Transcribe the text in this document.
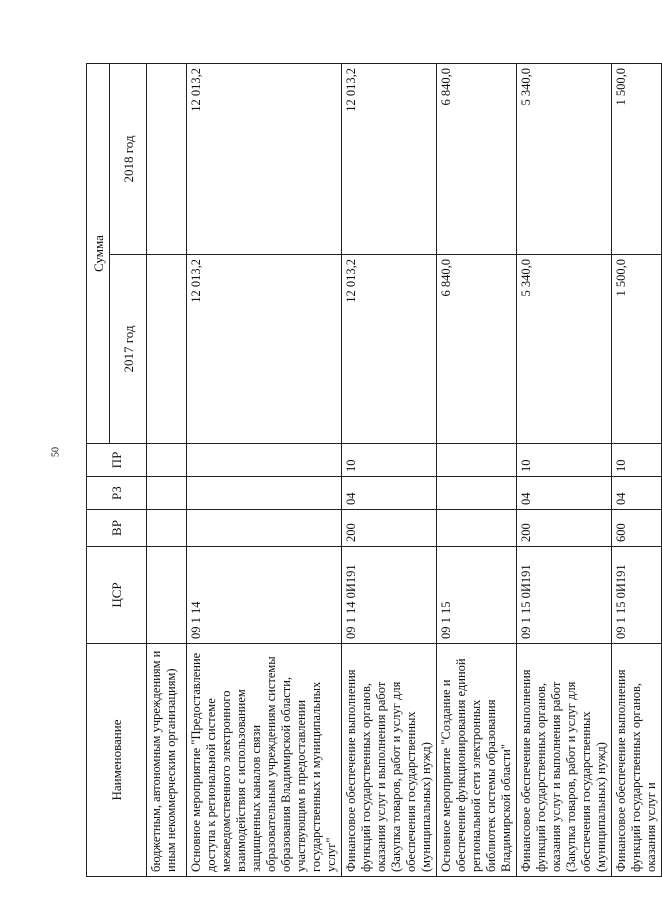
50
Наименование	ЦСР	ВР	РЗ	ПР	Сумма	
					2017 год	2018 год
бюджетным, автономным учреждениям и иным некоммерческим организациям)						
Основное мероприятие "Предоставление доступа к региональной системе межведомственного электронного взаимодействия с использованием защищенных каналов связи образовательным учреждениям системы образования Владимирской области, участвующим в предоставлении государственных и муниципальных услуг"	09 1 14				12 013,2	12 013,2
Финансовое обеспечение выполнения функций государственных органов, оказания услуг и выполнения работ (Закупка товаров, работ и услуг для обеспечения государственных (муниципальных) нужд)	09 1 14 0И191	200	04	10	12 013,2	12 013,2
Основное мероприятие "Создание и обеспечение функционирования единой региональной сети электронных библиотек системы образования Владимирской области"	09 1 15				6 840,0	6 840,0
Финансовое обеспечение выполнения функций государственных органов, оказания услуг и выполнения работ (Закупка товаров, работ и услуг для обеспечения государственных (муниципальных) нужд)	09 1 15 0И191	200	04	10	5 340,0	5 340,0
Финансовое обеспечение выполнения функций государственных органов, оказания услуг и	09 1 15 0И191	600	04	10	1 500,0	1 500,0
